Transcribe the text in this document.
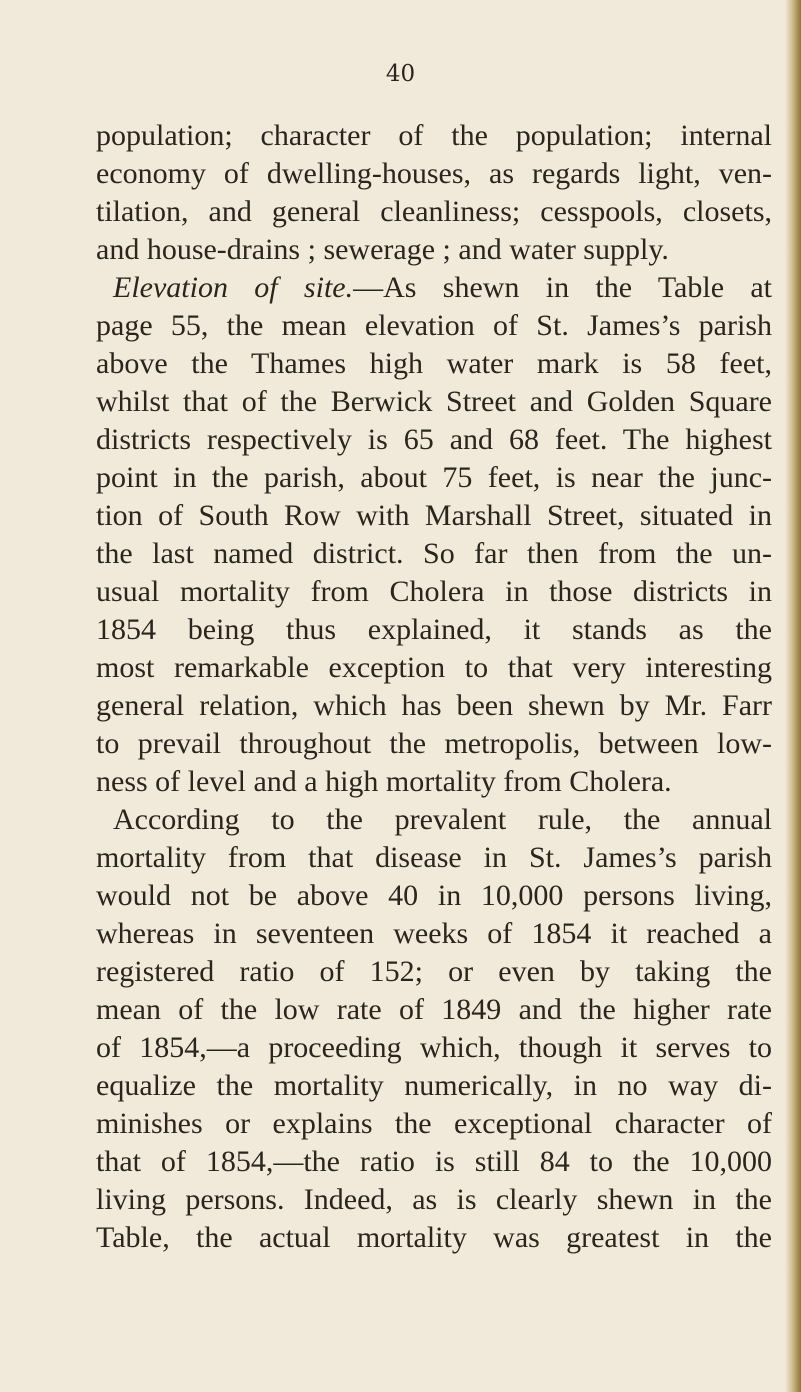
40
population; character of the population; internal
economy of dwelling-houses, as regards light, ven-
tilation, and general cleanliness; cesspools, closets,
and house-drains ; sewerage ; and water supply.
Elevation of site.—As shewn in the Table at
page 55, the mean elevation of St. James’s parish
above the Thames high water mark is 58 feet,
whilst that of the Berwick Street and Golden Square
districts respectively is 65 and 68 feet. The highest
point in the parish, about 75 feet, is near the junc-
tion of South Row with Marshall Street, situated in
the last named district. So far then from the un-
usual mortality from Cholera in those districts in
1854 being thus explained, it stands as the
most remarkable exception to that very interesting
general relation, which has been shewn by Mr. Farr
to prevail throughout the metropolis, between low-
ness of level and a high mortality from Cholera.
According to the prevalent rule, the annual
mortality from that disease in St. James’s parish
would not be above 40 in 10,000 persons living,
whereas in seventeen weeks of 1854 it reached a
registered ratio of 152; or even by taking the
mean of the low rate of 1849 and the higher rate
of 1854,—a proceeding which, though it serves to
equalize the mortality numerically, in no way di-
minishes or explains the exceptional character of
that of 1854,—the ratio is still 84 to the 10,000
living persons. Indeed, as is clearly shewn in the
Table, the actual mortality was greatest in the
